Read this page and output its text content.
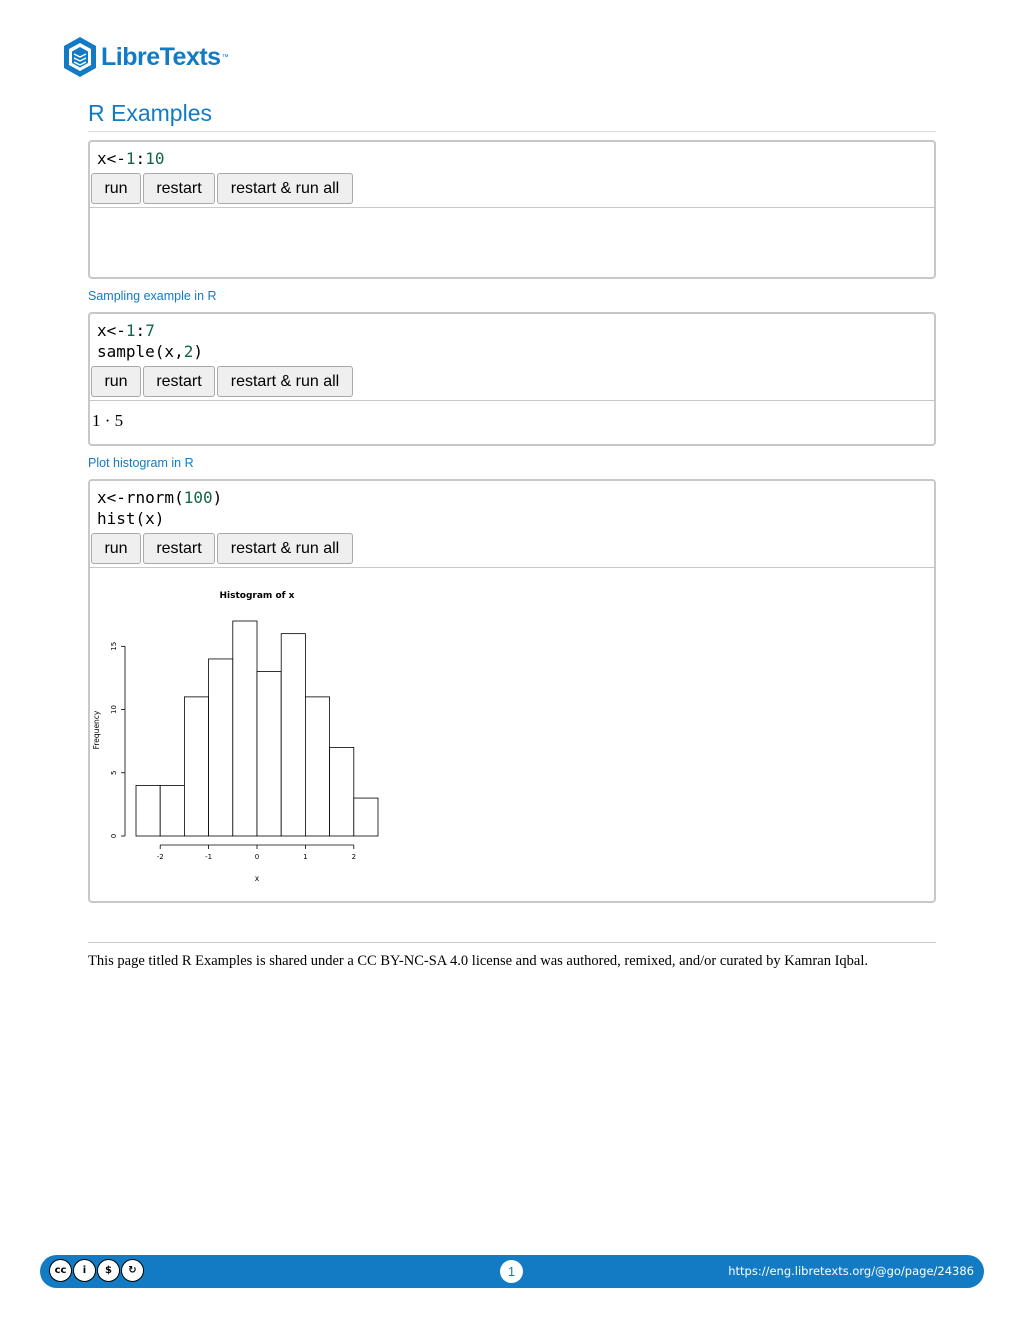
LibreTexts ™
R Examples
x<-1:10
run	restart	restart & run all
Sampling example in R
x<-1:7
sample(x,2)
run	restart	restart & run all
1 · 5
Plot histogram in R
x<-rnorm(100)
hist(x)
run	restart	restart & run all
Histogram of x
Frequency
x
-2	-1	0	1	2
0
5
10
15
This page titled R Examples is shared under a CC BY-NC-SA 4.0 license and was authored, remixed, and/or curated by Kamran Iqbal.
cc	i	$	↻	1	https://eng.libretexts.org/@go/page/24386
